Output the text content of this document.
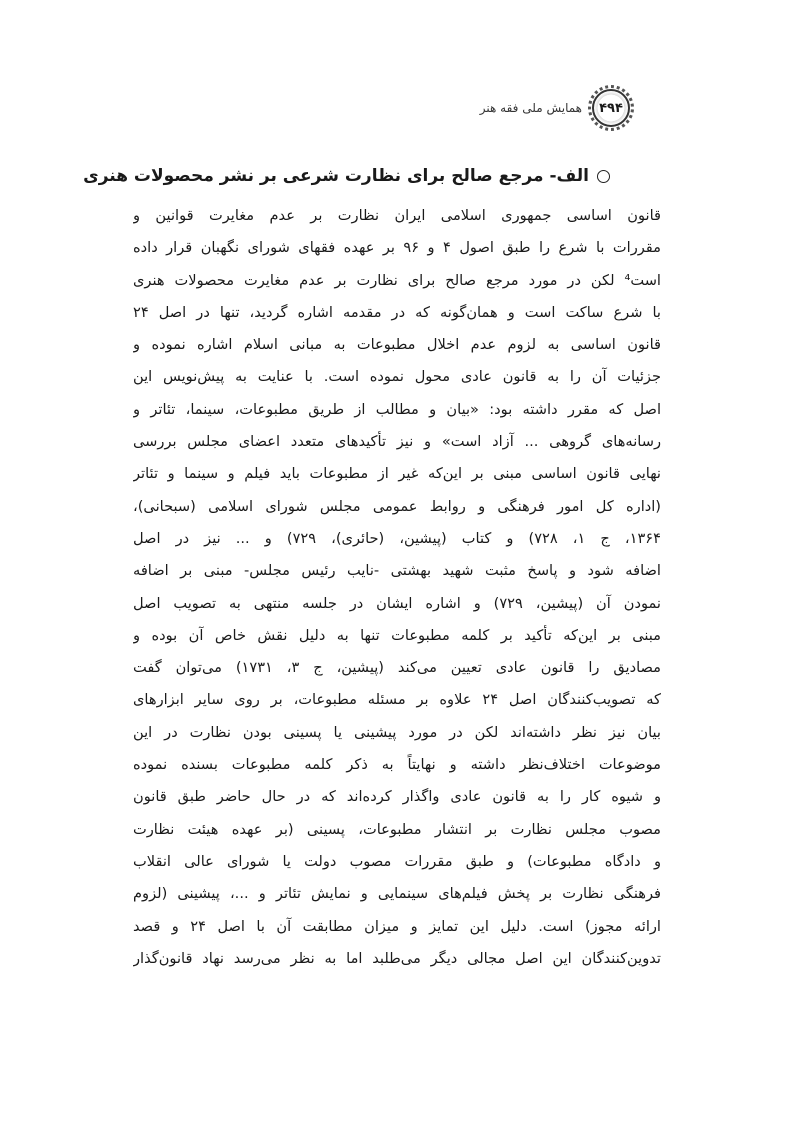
۴۹۴
همایش ملی فقه هنر
الف- مرجع صالح برای نظارت شرعی بر نشر محصولات هنری
قانون اساسی جمهوری اسلامی ایران نظارت بر عدم مغایرت قوانین و
مقررات با شرع را طبق اصول ۴ و ۹۶ بر عهده فقهای شورای نگهبان قرار داده
است⁴ لکن در مورد مرجع صالح برای نظارت بر عدم مغایرت محصولات هنری
با شرع ساکت است و همان‌گونه که در مقدمه اشاره گردید، تنها در اصل ۲۴
قانون اساسی به لزوم عدم اخلال مطبوعات به مبانی اسلام اشاره نموده و
جزئیات آن را به قانون عادی محول نموده است. با عنایت به پیش‌نویس این
اصل که مقرر داشته بود: «بیان و مطالب از طریق مطبوعات، سینما، تئاتر و
رسانه‌های گروهی ... آزاد است» و نیز تأکیدهای متعدد اعضای مجلس بررسی
نهایی قانون اساسی مبنی بر این‌که غیر از مطبوعات باید فیلم و سینما و تئاتر
(اداره کل امور فرهنگی و روابط عمومی مجلس شورای اسلامی (سبحانی)،
۱۳۶۴، ج ۱، ۷۲۸) و کتاب (پیشین، (حائری)، ۷۲۹) و ... نیز در اصل
اضافه شود و پاسخ مثبت شهید بهشتی -نایب رئیس مجلس- مبنی بر اضافه
نمودن آن (پیشین، ۷۲۹) و اشاره ایشان در جلسه منتهی به تصویب اصل
مبنی بر این‌که تأکید بر کلمه مطبوعات تنها به دلیل نقش خاص آن بوده و
مصادیق را قانون عادی تعیین می‌کند (پیشین، ج ۳، ۱۷۳۱) می‌توان گفت
که تصویب‌کنندگان اصل ۲۴ علاوه بر مسئله مطبوعات، بر روی سایر ابزارهای
بیان نیز نظر داشته‌اند لکن در مورد پیشینی یا پسینی بودن نظارت در این
موضوعات اختلاف‌نظر داشته و نهایتاً به ذکر کلمه مطبوعات بسنده نموده
و شیوه کار را به قانون عادی واگذار کرده‌اند که در حال حاضر طبق قانون
مصوب مجلس نظارت بر انتشار مطبوعات، پسینی (بر عهده هیئت نظارت
و دادگاه مطبوعات) و طبق مقررات مصوب دولت یا شورای عالی انقلاب
فرهنگی نظارت بر پخش فیلم‌های سینمایی و نمایش تئاتر و ...، پیشینی (لزوم
ارائه مجوز) است. دلیل این تمایز و میزان مطابقت آن با اصل ۲۴ و قصد
تدوین‌کنندگان این اصل مجالی دیگر می‌طلبد اما به نظر می‌رسد نهاد قانون‌گذار
